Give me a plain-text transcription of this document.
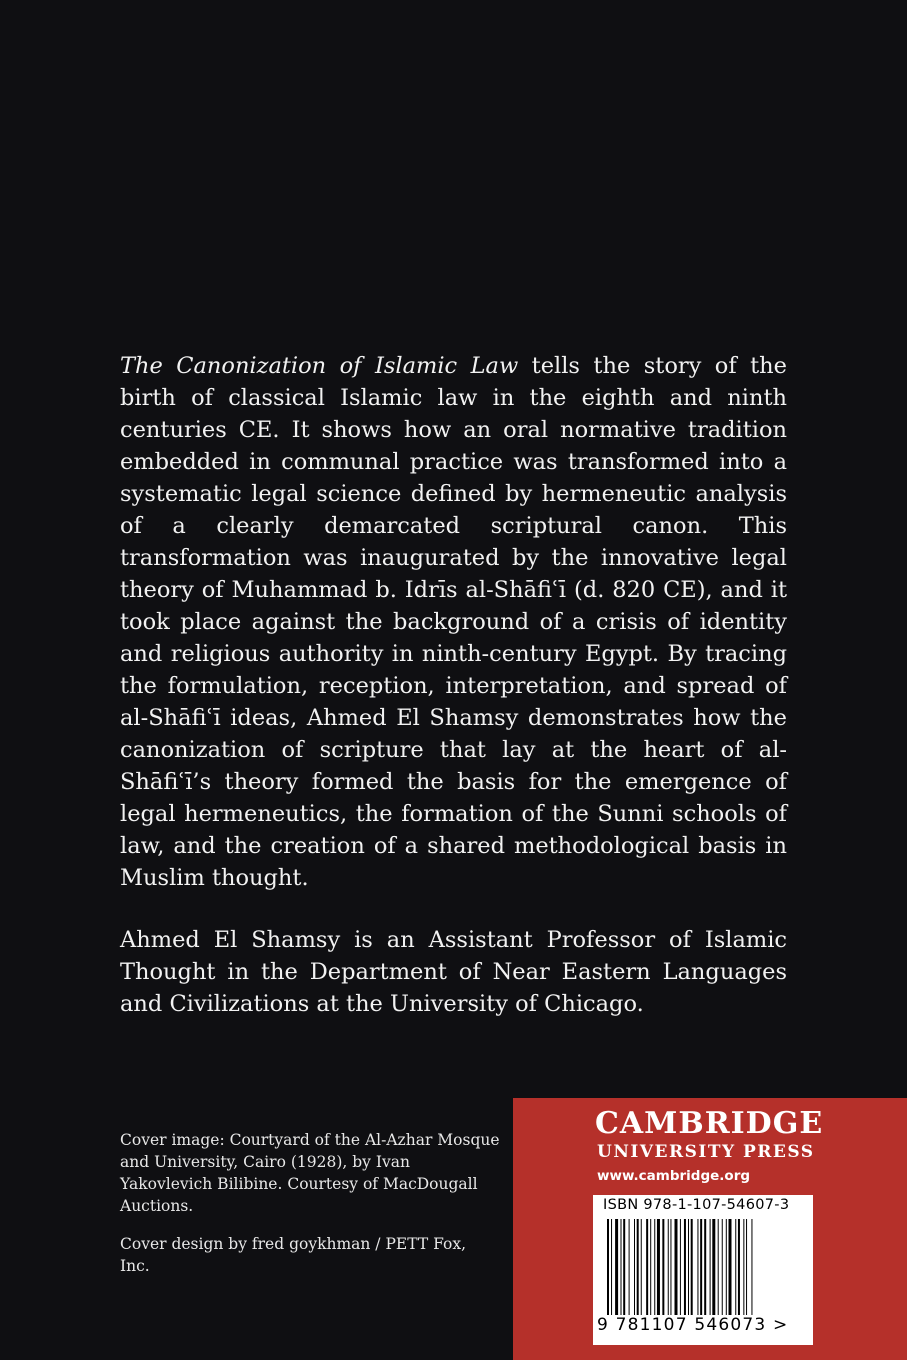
The Canonization of Islamic Law tells the story of the birth of classical Islamic law in the eighth and ninth centuries CE. It shows how an oral normative tradition embedded in communal practice was transformed into a systematic legal science defined by hermeneutic analysis of a clearly demarcated scriptural canon. This transformation was inaugurated by the innovative legal theory of Muhammad b. Idrīs al-Shāfiʿī (d. 820 CE), and it took place against the background of a crisis of identity and religious authority in ninth-century Egypt. By tracing the formulation, reception, interpretation, and spread of al-Shāfiʿī ideas, Ahmed El Shamsy demonstrates how the canonization of scripture that lay at the heart of al-Shāfiʿī’s theory formed the basis for the emergence of legal hermeneutics, the formation of the Sunni schools of law, and the creation of a shared methodological basis in Muslim thought.

Ahmed El Shamsy is an Assistant Professor of Islamic Thought in the Department of Near Eastern Languages and Civilizations at the University of Chicago.

Cover image: Courtyard of the Al-Azhar Mosque and University, Cairo (1928), by Ivan Yakovlevich Bilibine. Courtesy of MacDougall Auctions.

Cover design by fred goykhman / PETT Fox, Inc.

CAMBRIDGE
UNIVERSITY PRESS
www.cambridge.org
ISBN 978-1-107-54607-3
9 781107 546073 >
